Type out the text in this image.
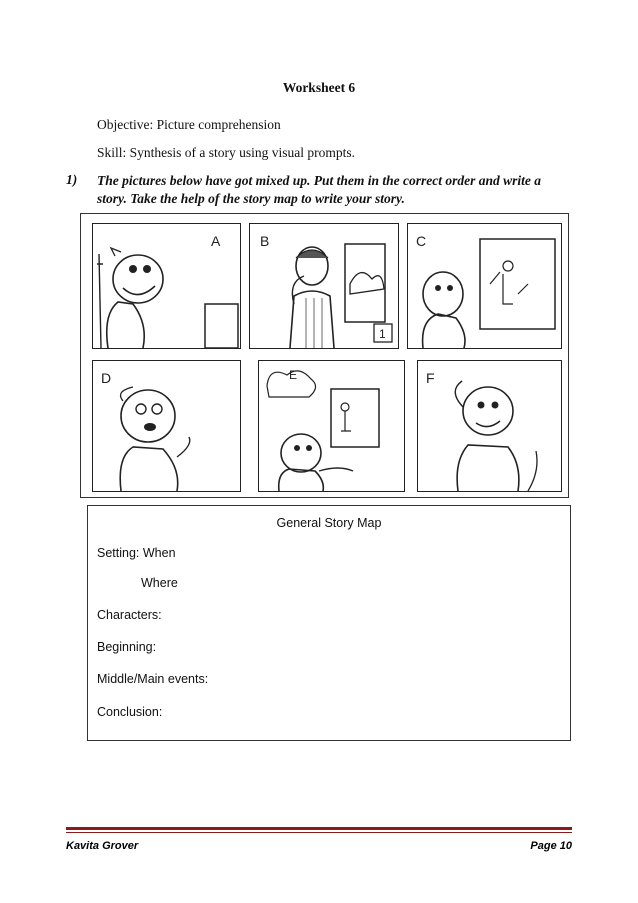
Worksheet 6
Objective: Picture comprehension
Skill: Synthesis of a story using visual prompts.
1) The pictures below have got mixed up. Put them in the correct order and write a story. Take the help of the story map to write your story.
A	B
1
C
D	E	F
General Story Map
Setting: When
Where
Characters:
Beginning:
Middle/Main events:
Conclusion:
Kavita Grover	Page 10
